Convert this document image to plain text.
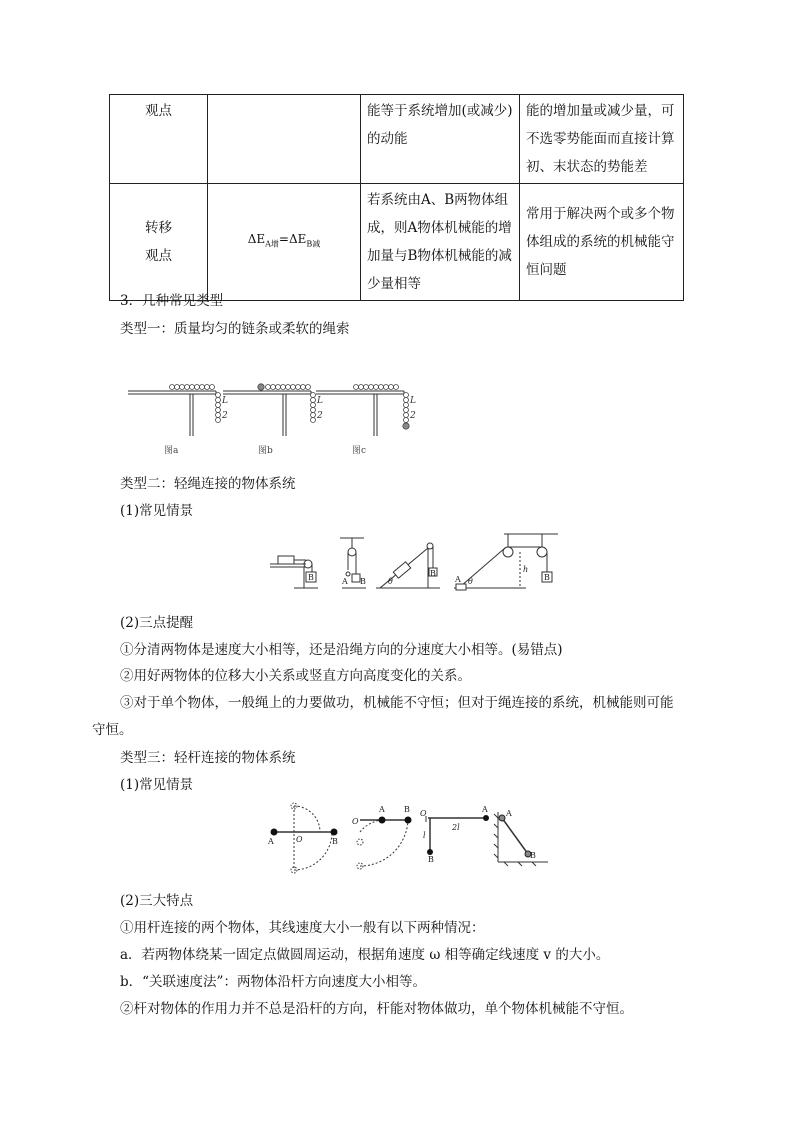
观点		能等于系统增加(或减少)的动能	能的增加量或减少量，可不选零势能面而直接计算初、末状态的势能差

转移观点	$\Delta E_{A增}=\Delta E_{B减}$	若系统由A、B两物体组成，则A物体机械能的增加量与B物体机械能的减少量相等	常用于解决两个或多个物体组成的系统的机械能守恒问题
3．几种常见类型
类型一：质量均匀的链条或柔软的绳索
L
2
L
2
L
2
图a	图b	图c
类型二：轻绳连接的物体系统
(1)常见情景
B	A B
B
θ	A θ
h
B
(2)三点提醒
①分清两物体是速度大小相等，还是沿绳方向的分速度大小相等。(易错点)
②用好两物体的位移大小关系或竖直方向高度变化的关系。
③对于单个物体，一般绳上的力要做功，机械能不守恒；但对于绳连接的系统，机械能则可能
守恒。
类型三：轻杆连接的物体系统
(1)常见情景
A	O	B
O
A B O	A
2l
l
B
A
B
(2)三大特点
①用杆连接的两个物体，其线速度大小一般有以下两种情况：
a．若两物体绕某一固定点做圆周运动，根据角速度 ω 相等确定线速度 v 的大小。
b．“关联速度法”：两物体沿杆方向速度大小相等。
②杆对物体的作用力并不总是沿杆的方向，杆能对物体做功，单个物体机械能不守恒。
